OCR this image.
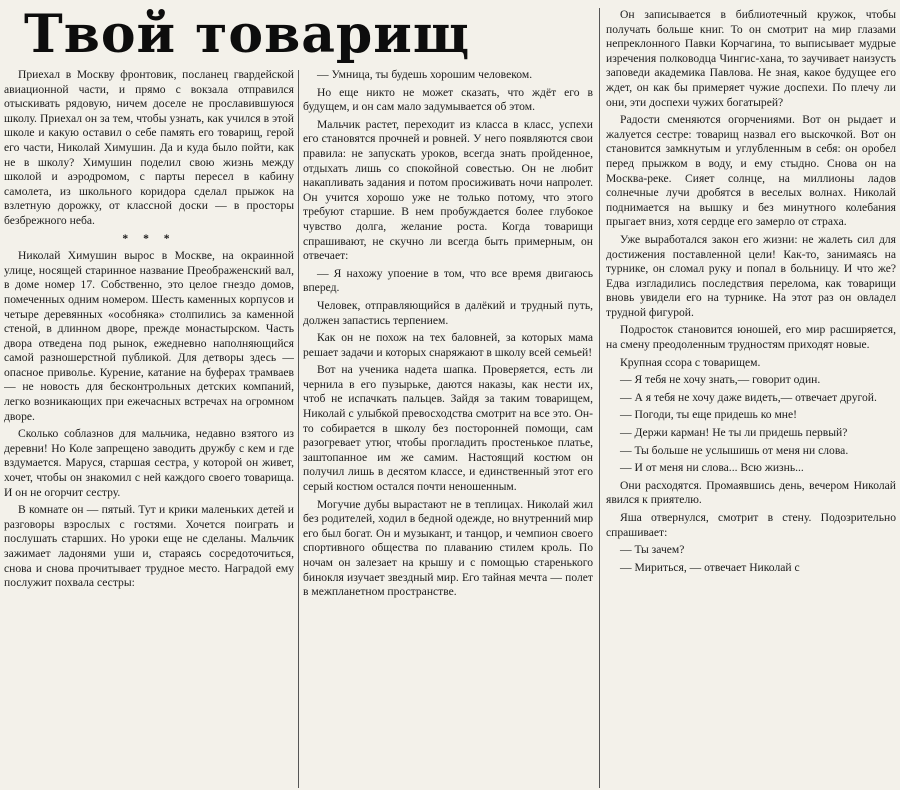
Твой товарищ

Приехал в Москву фронтовик, посланец гвардейской авиационной части, и прямо с вокзала отправился отыскивать рядовую, ничем доселе не прославившуюся школу. Приехал он за тем, чтобы узнать, как учился в этой школе и какую оставил о себе память его товарищ, герой его части, Николай Химушин. Да и куда было пойти, как не в школу? Химушин поделил свою жизнь между школой и аэродромом, с парты пересел в кабину самолета, из школьного коридора сделал прыжок на взлетную дорожку, от классной доски — в просторы безбрежного неба.

* * *

Николай Химушин вырос в Москве, на окраинной улице, носящей старинное название Преображенский вал, в доме номер 17. Собственно, это целое гнездо домов, помеченных одним номером. Шесть каменных корпусов и четыре деревянных «особняка» столпились за каменной стеной, в длинном дворе, прежде монастырском. Часть двора отведена под рынок, ежедневно наполняющийся самой разношерстной публикой. Для детворы здесь — опасное приволье. Курение, катание на буферах трамваев — не новость для бесконтрольных детских компаний, легко возникающих при ежечасных встречах на огромном дворе.

Сколько соблазнов для мальчика, недавно взятого из деревни! Но Коле запрещено заводить дружбу с кем и где вздумается. Маруся, старшая сестра, у которой он живет, хочет, чтобы он знакомил с ней каждого своего товарища. И он не огорчит сестру.

В комнате он — пятый. Тут и крики маленьких детей и разговоры взрослых с гостями. Хочется поиграть и послушать старших. Но уроки еще не сделаны. Мальчик зажимает ладонями уши и, стараясь сосредоточиться, снова и снова прочитывает трудное место. Наградой ему послужит похвала сестры:

— Умница, ты будешь хорошим человеком.

Но еще никто не может сказать, что ждёт его в будущем, и он сам мало задумывается об этом.

Мальчик растет, переходит из класса в класс, успехи его становятся прочней и ровней. У него появляются свои правила: не запускать уроков, всегда знать пройденное, отдыхать лишь со спокойной совестью. Он не любит накапливать задания и потом просиживать ночи напролет. Он учится хорошо уже не только потому, что этого требуют старшие. В нем пробуждается более глубокое чувство долга, желание роста. Когда товарищи спрашивают, не скучно ли всегда быть примерным, он отвечает:

— Я нахожу упоение в том, что все время двигаюсь вперед.

Человек, отправляющийся в далёкий и трудный путь, должен запастись терпением.

Как он не похож на тех баловней, за которых мама решает задачи и которых снаряжают в школу всей семьей!

Вот на ученика надета шапка. Проверяется, есть ли чернила в его пузырьке, даются наказы, как нести их, чтоб не испачкать пальцев. Зайдя за таким товарищем, Николай с улыбкой превосходства смотрит на все это. Он-то собирается в школу без посторонней помощи, сам разогревает утюг, чтобы прогладить простенькое платье, заштопанное им же самим. Настоящий костюм он получил лишь в десятом классе, и единственный этот его серый костюм остался почти неношенным.

Могучие дубы вырастают не в теплицах. Николай жил без родителей, ходил в бедной одежде, но внутренний мир его был богат. Он и музыкант, и танцор, и чемпион своего спортивного общества по плаванию стилем кроль. По ночам он залезает на крышу и с помощью старенького бинокля изучает звездный мир. Его тайная мечта — полет в межпланетном пространстве.

Он записывается в библиотечный кружок, чтобы получать больше книг. То он смотрит на мир глазами непреклонного Павки Корчагина, то выписывает мудрые изречения полководца Чингис-хана, то заучивает наизусть заповеди академика Павлова. Не зная, какое будущее его ждет, он как бы примеряет чужие доспехи. По плечу ли они, эти доспехи чужих богатырей?

Радости сменяются огорчениями. Вот он рыдает и жалуется сестре: товарищ назвал его выскочкой. Вот он становится замкнутым и углубленным в себя: он оробел перед прыжком в воду, и ему стыдно. Снова он на Москва-реке. Сияет солнце, на миллионы ладов солнечные лучи дробятся в веселых волнах. Николай поднимается на вышку и без минутного колебания прыгает вниз, хотя сердце его замерло от страха.

Уже выработался закон его жизни: не жалеть сил для достижения поставленной цели! Как-то, занимаясь на турнике, он сломал руку и попал в больницу. И что же? Едва изгладились последствия перелома, как товарищи вновь увидели его на турнике. На этот раз он овладел трудной фигурой.

Подросток становится юношей, его мир расширяется, на смену преодоленным трудностям приходят новые.

Крупная ссора с товарищем.

— Я тебя не хочу знать,— говорит один.

— А я тебя не хочу даже видеть,— отвечает другой.

— Погоди, ты еще придешь ко мне!

— Держи карман! Не ты ли придешь первый?

— Ты больше не услышишь от меня ни слова.

— И от меня ни слова... Всю жизнь...

Они расходятся. Промаявшись день, вечером Николай явился к приятелю.

Яша отвернулся, смотрит в стену. Подозрительно спрашивает:

— Ты зачем?

— Мириться, — отвечает Николай с
